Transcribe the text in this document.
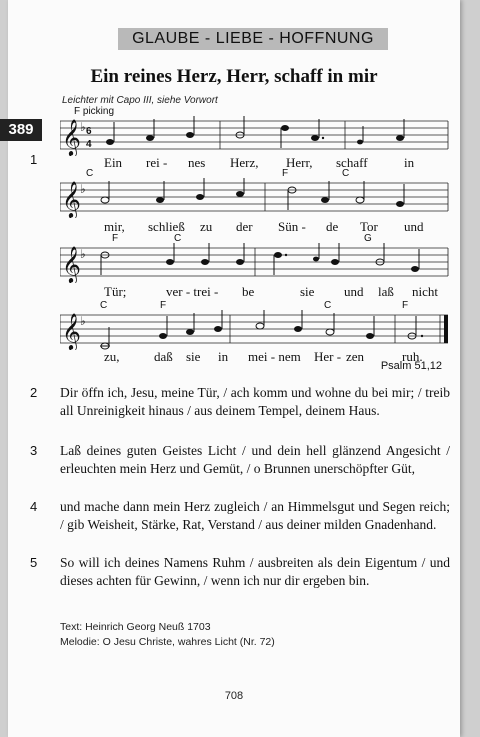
GLAUBE - LIEBE - HOFFNUNG
Ein reines Herz, Herr, schaff in mir
Leichter mit Capo III, siehe Vorwort
389
1
F picking
𝄞 ♭ 6
4
Ein rei - nes Herz, Herr, schaff	in
C	F	C
𝄞 ♭
mir, schließ zu der Sün - de Tor und
F	C	G
𝄞 ♭
Tür;	ver - trei - be	sie und laß nicht
C	F	C	F
𝄞 ♭
zu,	daß sie in mei - nem Her - zen	ruh.
Psalm 51,12
2 Dir öffn ich, Jesu, meine Tür, / ach komm und wohne du bei mir; / treib all Unreinigkeit hinaus / aus deinem Tempel, deinem Haus.
3 Laß deines guten Geistes Licht / und dein hell glänzend Angesicht / erleuchten mein Herz und Gemüt, / o Brunnen unerschöpfter Güt,
4 und mache dann mein Herz zugleich / an Himmelsgut und Segen reich; / gib Weisheit, Stärke, Rat, Verstand / aus deiner milden Gnadenhand.
5 So will ich deines Namens Ruhm / ausbreiten als dein Eigentum / und dieses achten für Gewinn, / wenn ich nur dir ergeben bin.
Text: Heinrich Georg Neuß 1703
Melodie: O Jesu Christe, wahres Licht (Nr. 72)
708
